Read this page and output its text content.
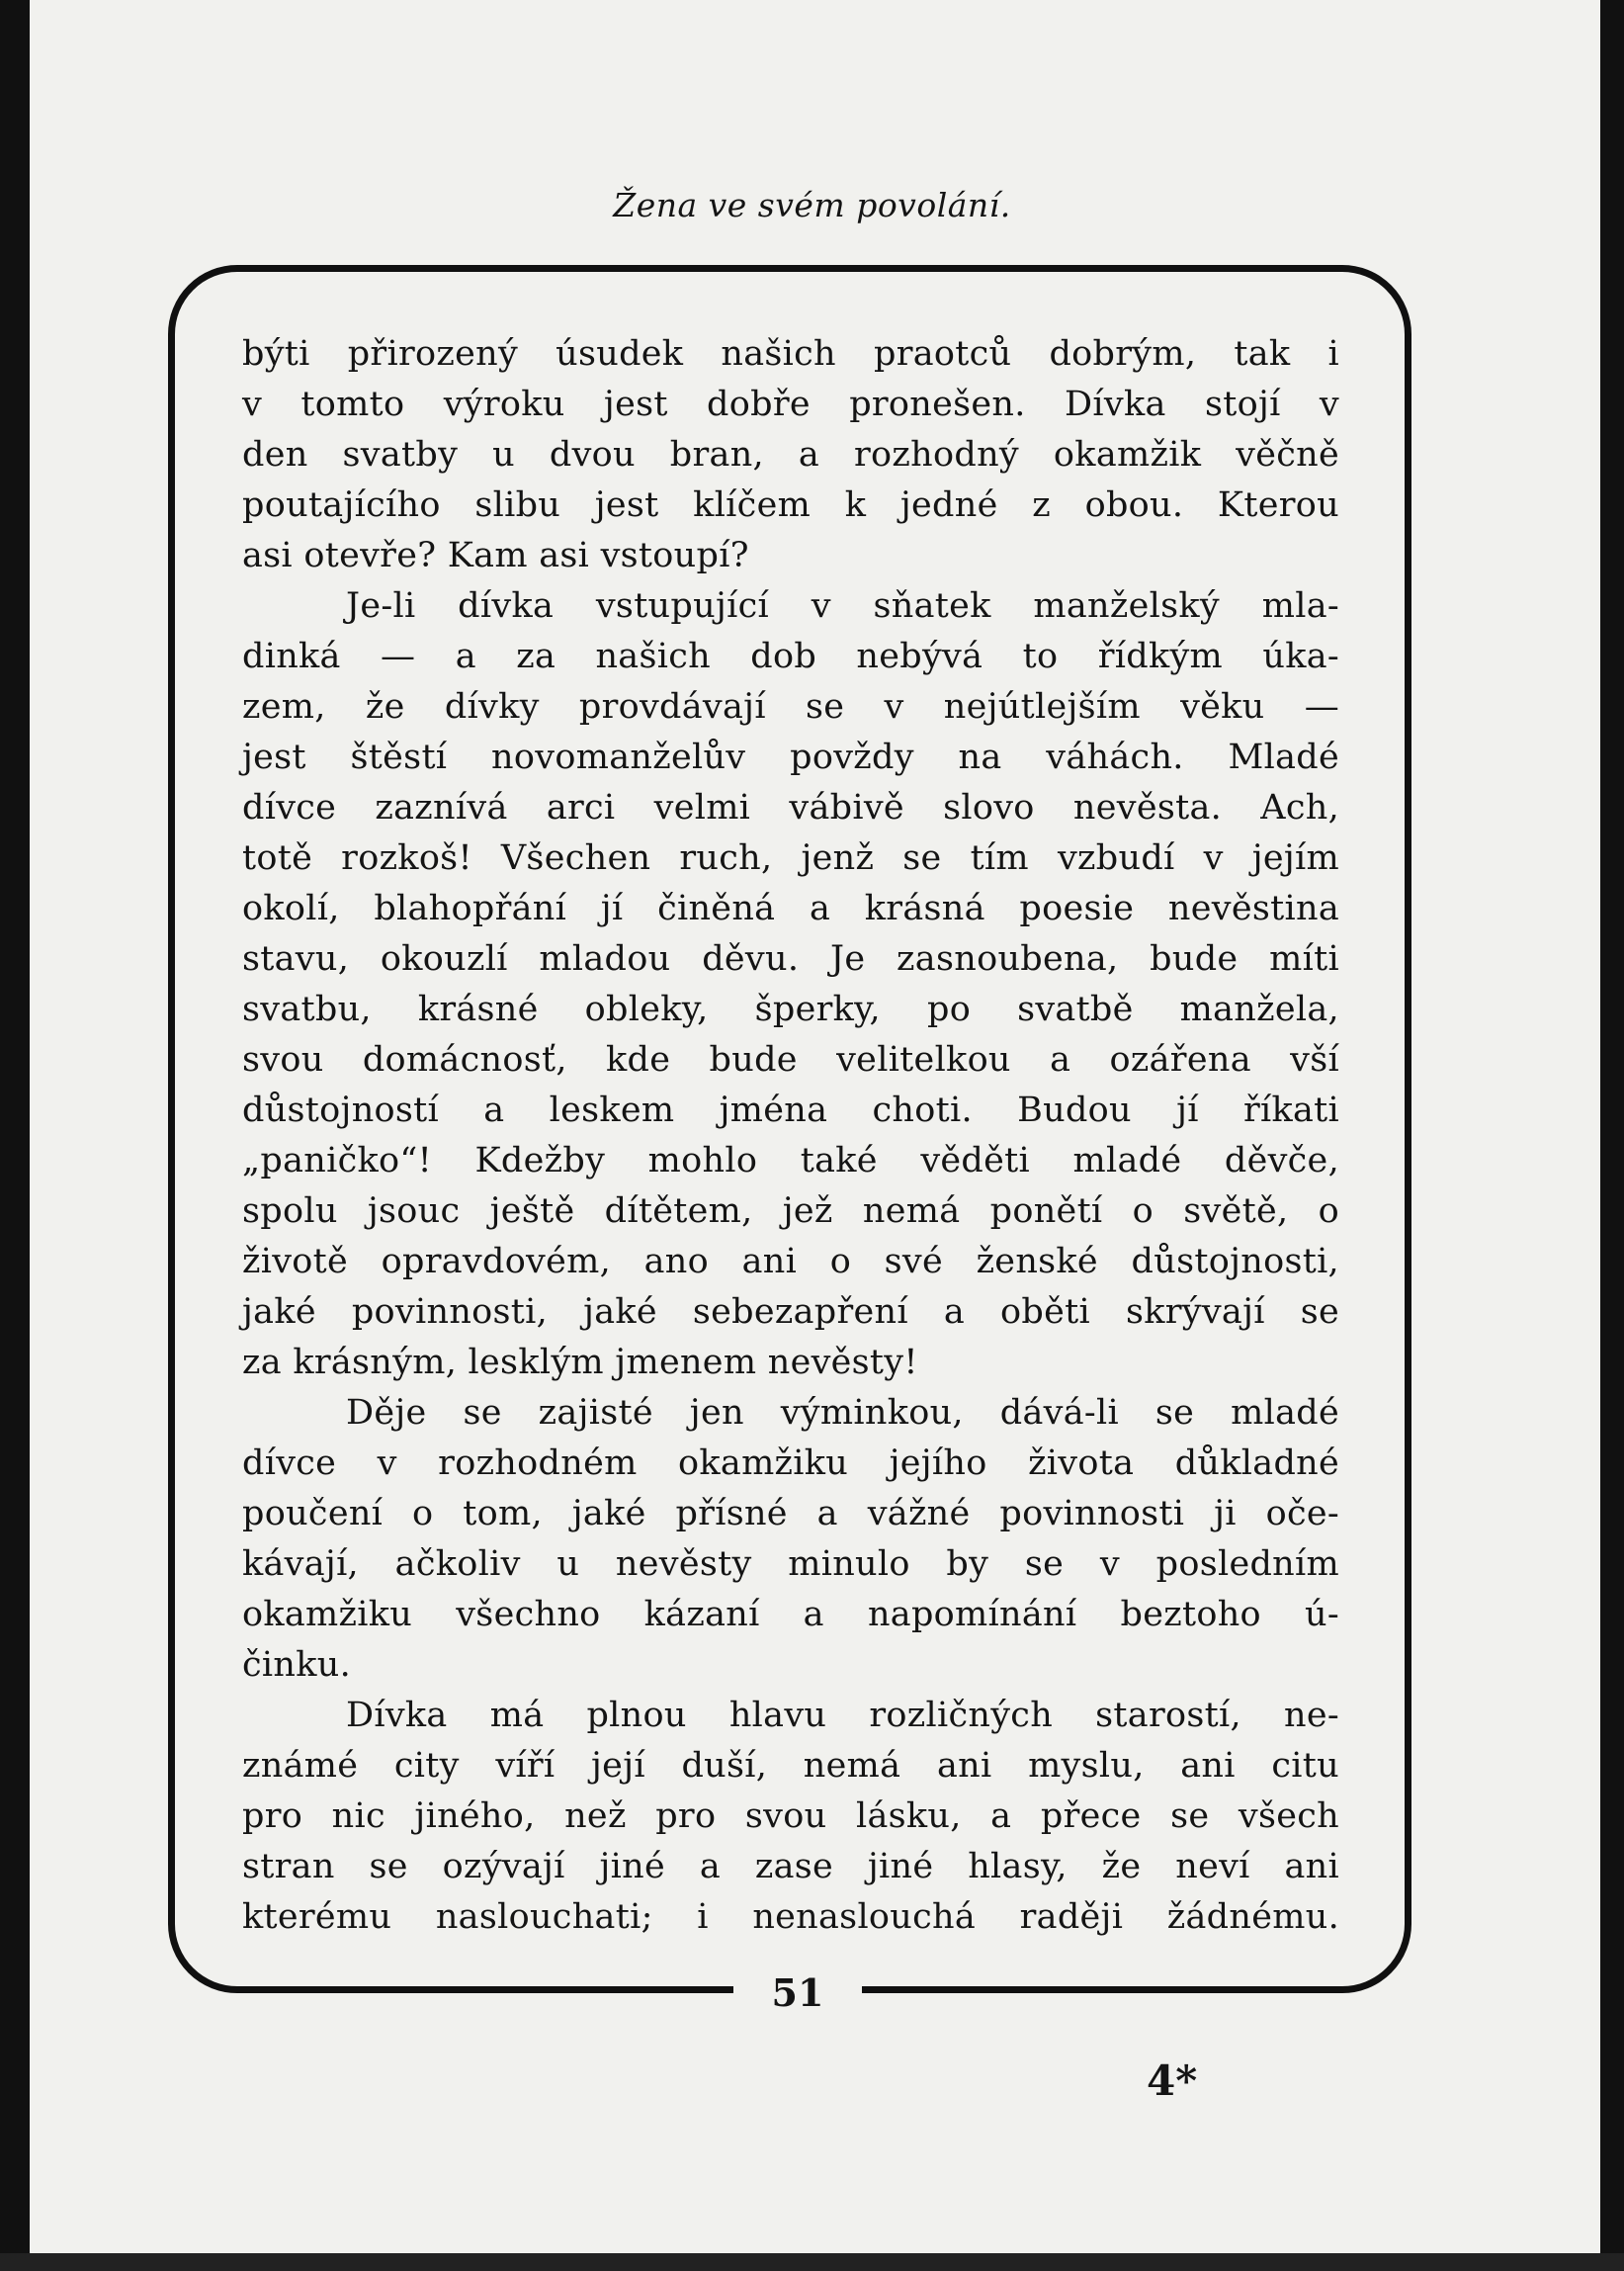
Žena ve svém povolání.
51
býti přirozený úsudek našich praotců dobrým, tak i
v tomto výroku jest dobře pronešen. Dívka stojí v
den svatby u dvou bran, a rozhodný okamžik věčně
poutajícího slibu jest klíčem k jedné z obou. Kterou
asi otevře? Kam asi vstoupí?
Je-li dívka vstupující v sňatek manželský mla-
dinká — a za našich dob nebývá to řídkým úka-
zem, že dívky provdávají se v nejútlejším věku —
jest štěstí novomanželův povždy na váhách. Mladé
dívce zaznívá arci velmi vábivě slovo nevěsta. Ach,
totě rozkoš! Všechen ruch, jenž se tím vzbudí v jejím
okolí, blahopřání jí činěná a krásná poesie nevěstina
stavu, okouzlí mladou děvu. Je zasnoubena, bude míti
svatbu, krásné obleky, šperky, po svatbě manžela,
svou domácnosť, kde bude velitelkou a ozářena vší
důstojností a leskem jména choti. Budou jí říkati
„paničko“! Kdežby mohlo také věděti mladé děvče,
spolu jsouc ještě dítětem, jež nemá ponětí o světě, o
životě opravdovém, ano ani o své ženské důstojnosti,
jaké povinnosti, jaké sebezapření a oběti skrývají se
za krásným, lesklým jmenem nevěsty!
Děje se zajisté jen výminkou, dává-li se mladé
dívce v rozhodném okamžiku jejího života důkladné
poučení o tom, jaké přísné a vážné povinnosti ji oče-
kávají, ačkoliv u nevěsty minulo by se v posledním
okamžiku všechno kázaní a napomínání beztoho ú-
činku.
Dívka má plnou hlavu rozličných starostí, ne-
známé city víří její duší, nemá ani myslu, ani citu
pro nic jiného, než pro svou lásku, a přece se všech
stran se ozývají jiné a zase jiné hlasy, že neví ani
kterému naslouchati; i nenaslouchá raději žádnému.
4*
